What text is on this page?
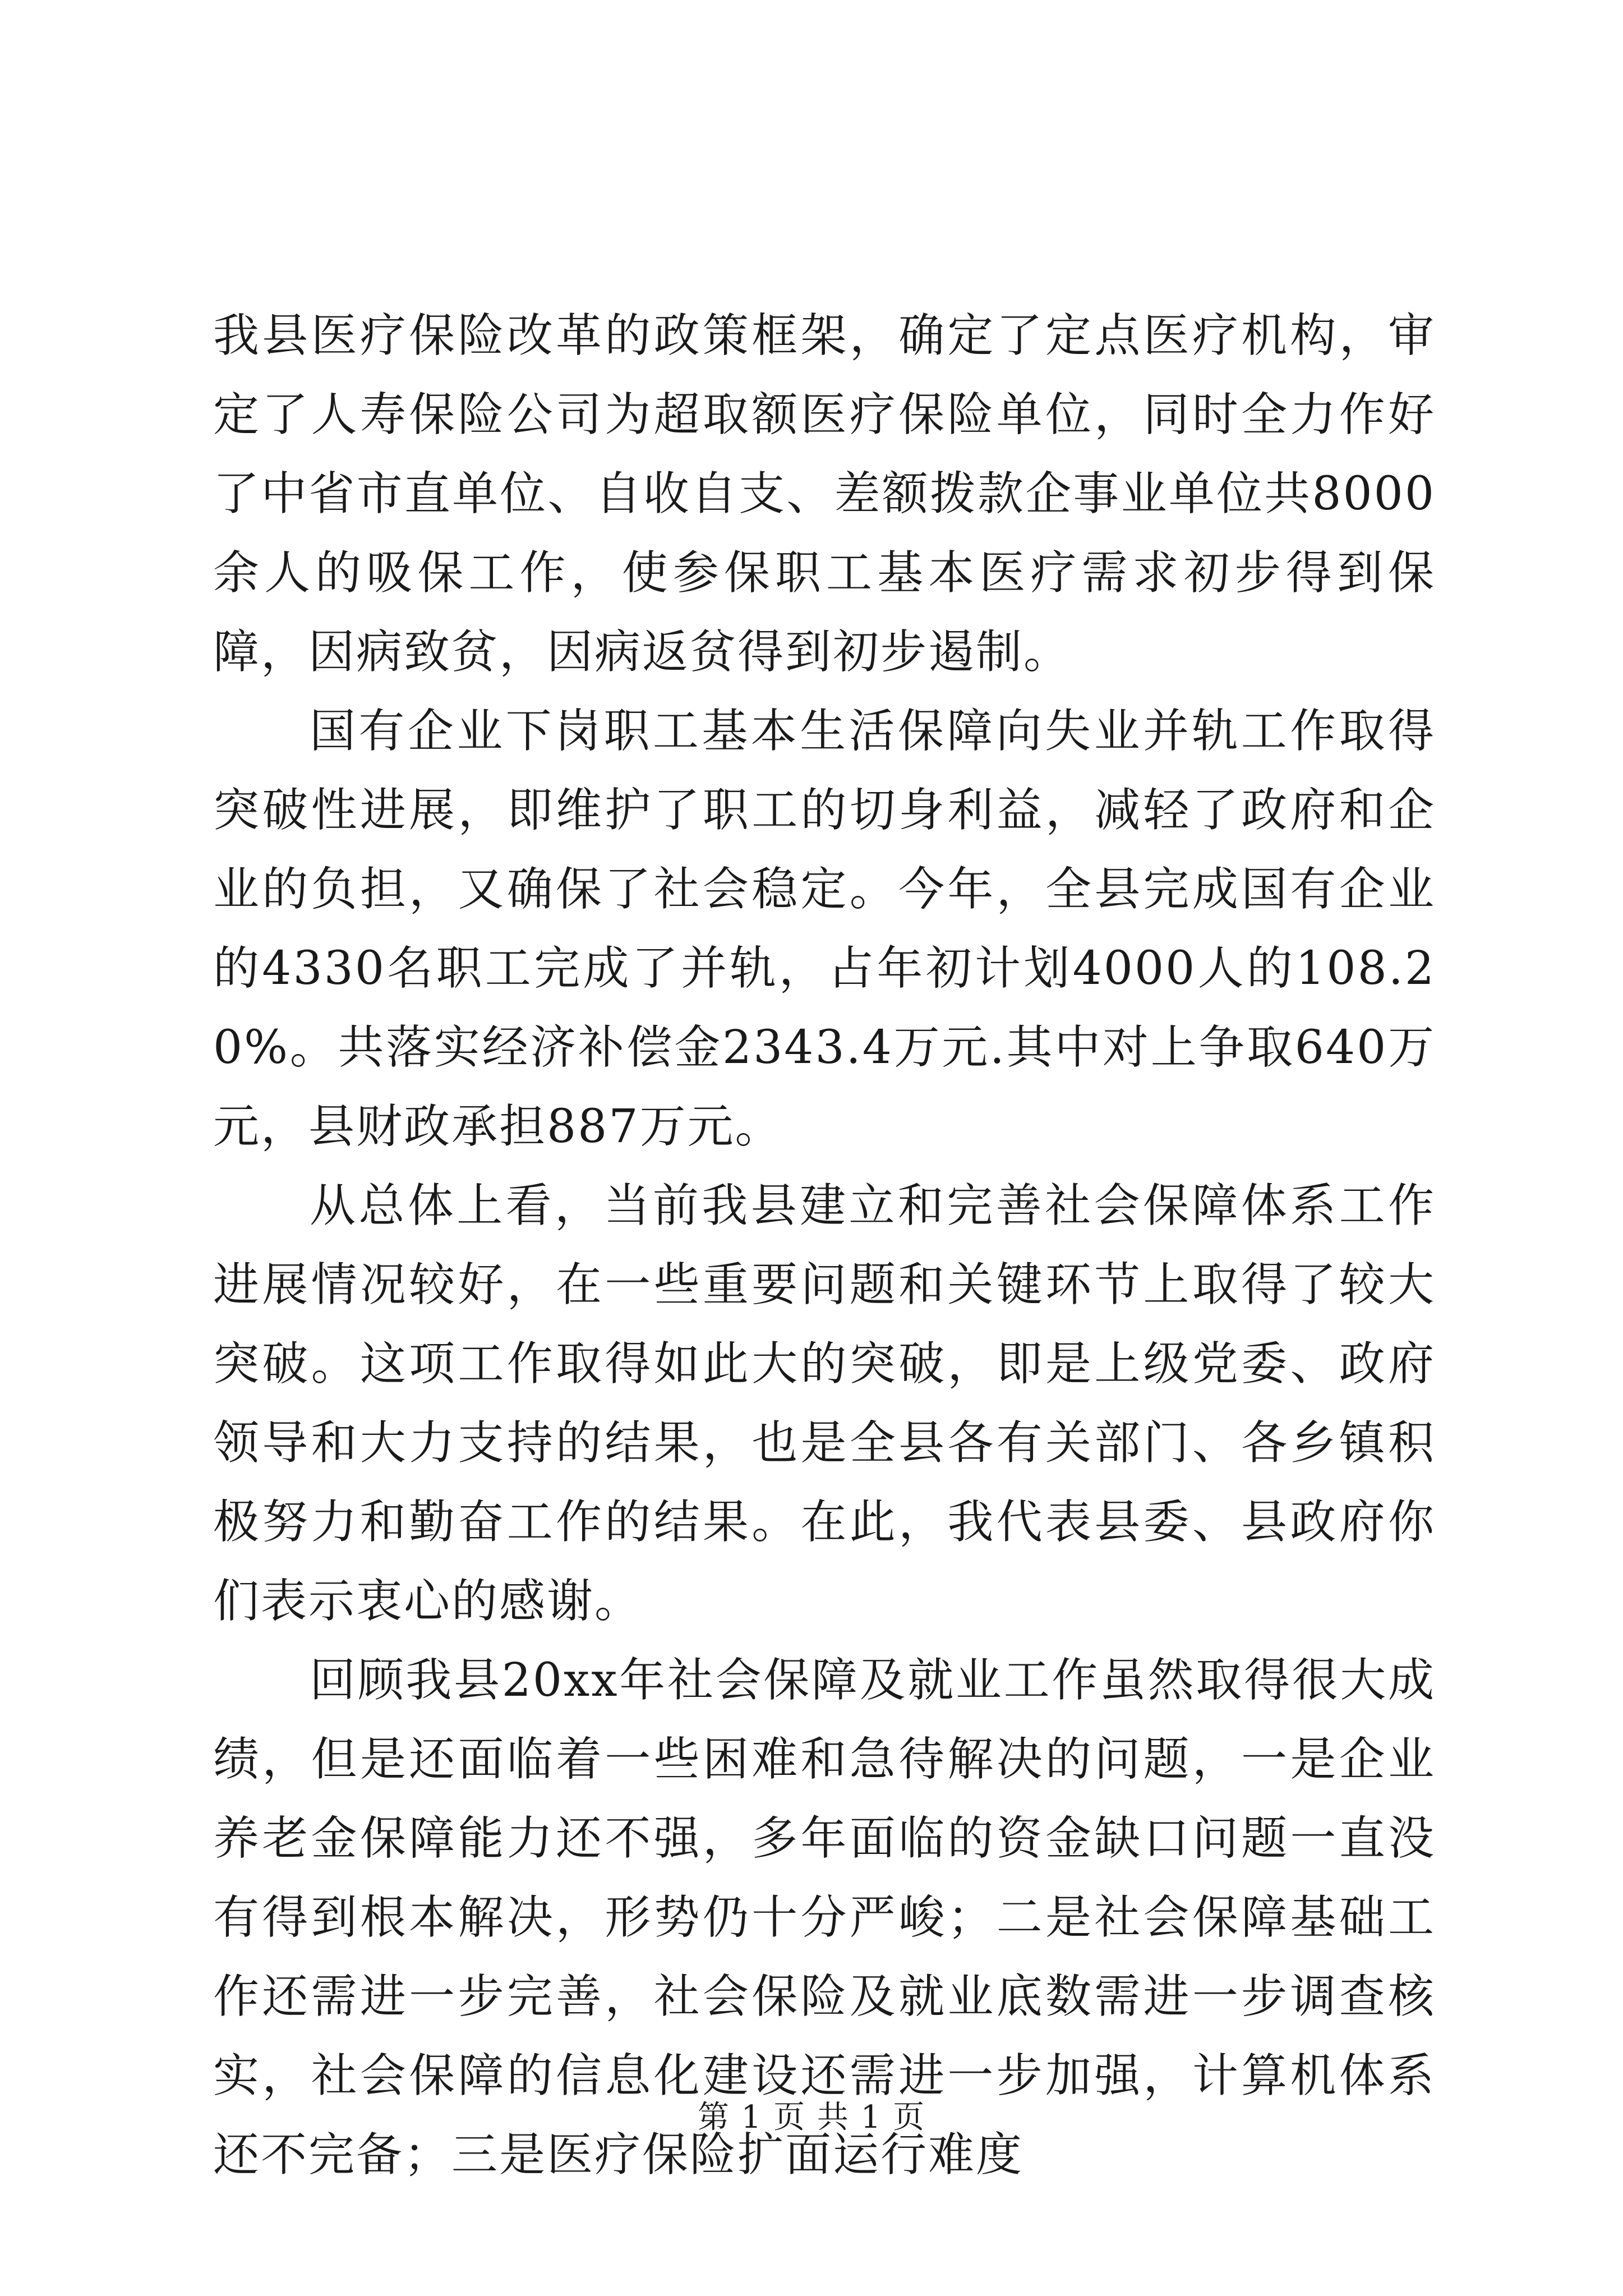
我县医疗保险改革的政策框架，确定了定点医疗机构，审定了人寿保险公司为超取额医疗保险单位，同时全力作好了中省市直单位、自收自支、差额拨款企事业单位共8000余人的吸保工作，使参保职工基本医疗需求初步得到保障，因病致贫，因病返贫得到初步遏制。

国有企业下岗职工基本生活保障向失业并轨工作取得突破性进展，即维护了职工的切身利益，减轻了政府和企业的负担，又确保了社会稳定。今年，全县完成国有企业的4330名职工完成了并轨，占年初计划4000人的108.20%。共落实经济补偿金2343.4万元.其中对上争取640万元，县财政承担887万元。

从总体上看，当前我县建立和完善社会保障体系工作进展情况较好，在一些重要问题和关键环节上取得了较大突破。这项工作取得如此大的突破，即是上级党委、政府领导和大力支持的结果，也是全县各有关部门、各乡镇积极努力和勤奋工作的结果。在此，我代表县委、县政府你们表示衷心的感谢。

回顾我县20xx年社会保障及就业工作虽然取得很大成绩，但是还面临着一些困难和急待解决的问题，一是企业养老金保障能力还不强，多年面临的资金缺口问题一直没有得到根本解决，形势仍十分严峻；二是社会保障基础工作还需进一步完善，社会保险及就业底数需进一步调查核实，社会保障的信息化建设还需进一步加强，计算机体系还不完备；三是医疗保险扩面运行难度

第 1 页 共 1 页
